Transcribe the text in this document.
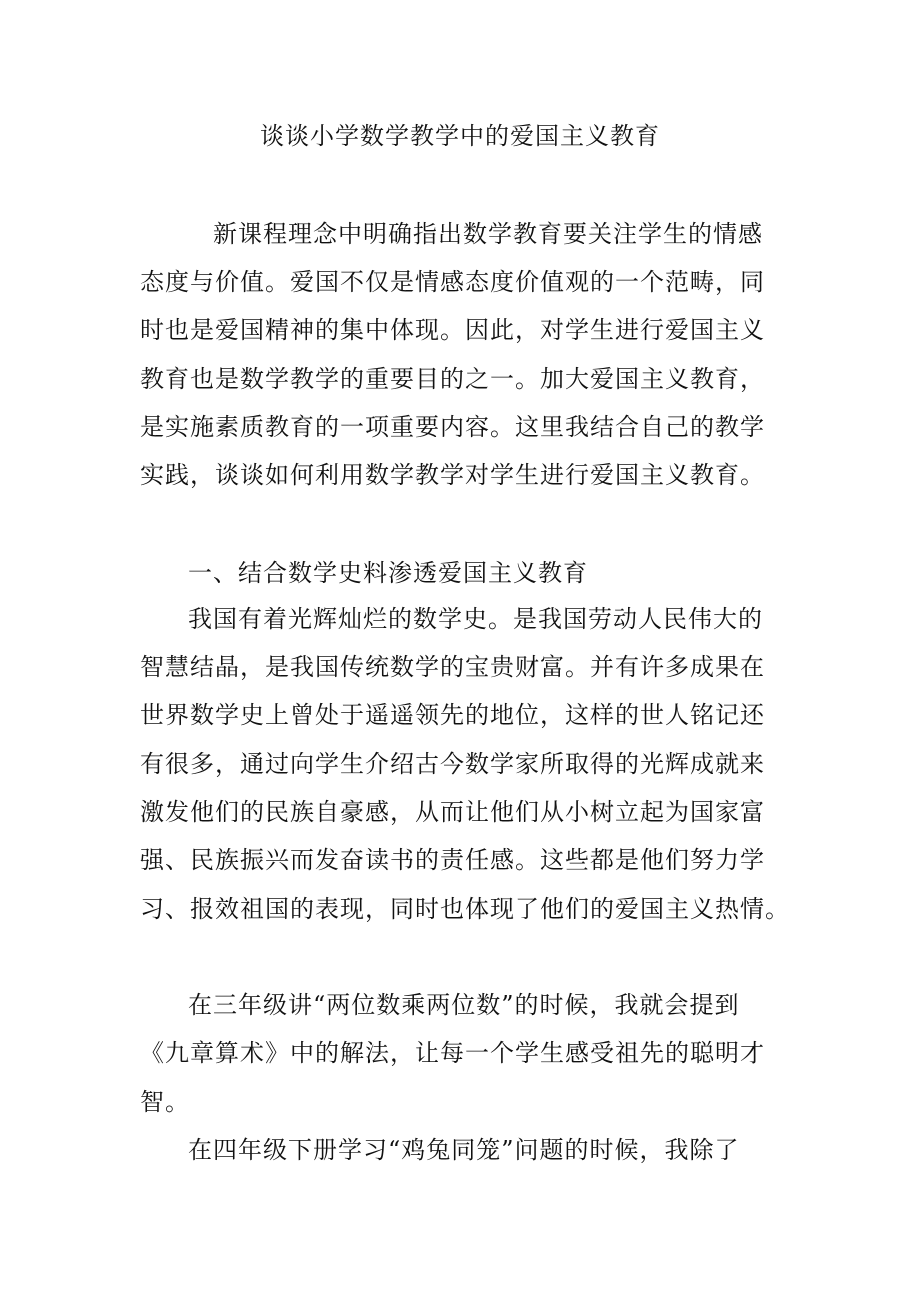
谈谈小学数学教学中的爱国主义教育
新课程理念中明确指出数学教育要关注学生的情感
态度与价值。爱国不仅是情感态度价值观的一个范畴，同
时也是爱国精神的集中体现。因此，对学生进行爱国主义
教育也是数学教学的重要目的之一。加大爱国主义教育，
是实施素质教育的一项重要内容。这里我结合自己的教学
实践，谈谈如何利用数学教学对学生进行爱国主义教育。
一、结合数学史料渗透爱国主义教育
我国有着光辉灿烂的数学史。是我国劳动人民伟大的
智慧结晶，是我国传统数学的宝贵财富。并有许多成果在
世界数学史上曾处于遥遥领先的地位，这样的世人铭记还
有很多，通过向学生介绍古今数学家所取得的光辉成就来
激发他们的民族自豪感，从而让他们从小树立起为国家富
强、民族振兴而发奋读书的责任感。这些都是他们努力学
习、报效祖国的表现，同时也体现了他们的爱国主义热情。
在三年级讲“两位数乘两位数”的时候，我就会提到
《九章算术》中的解法，让每一个学生感受祖先的聪明才
智。
在四年级下册学习“鸡兔同笼”问题的时候，我除了
